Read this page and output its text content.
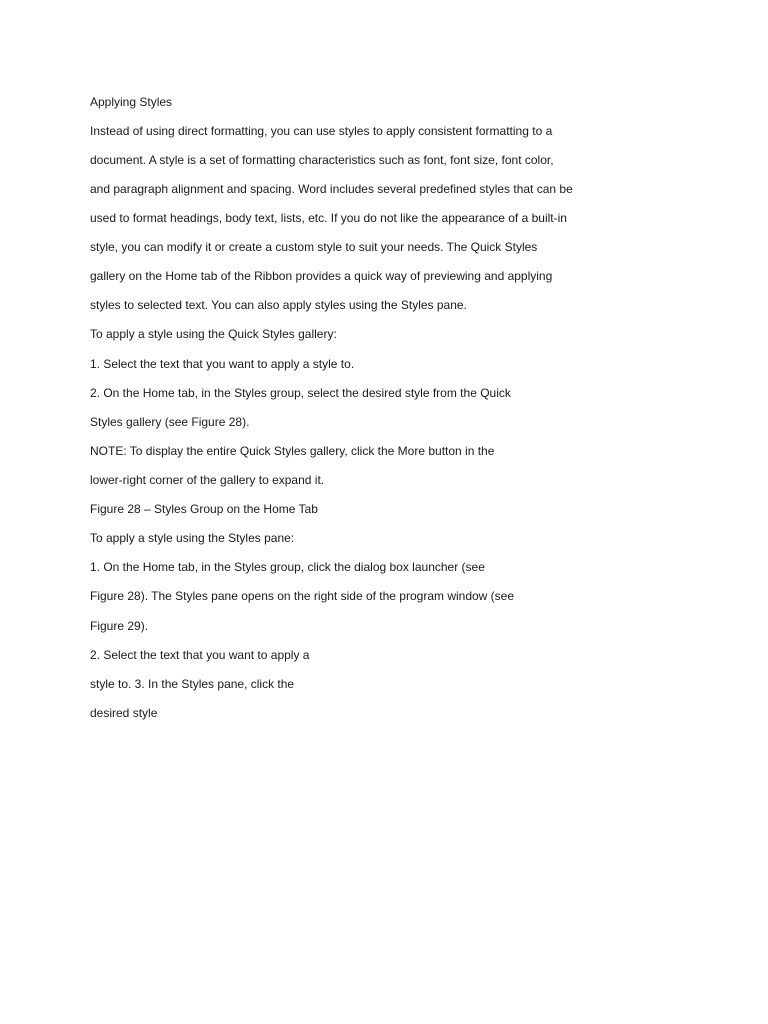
Applying Styles
Instead of using direct formatting, you can use styles to apply consistent formatting to a
document. A style is a set of formatting characteristics such as font, font size, font color,
and paragraph alignment and spacing. Word includes several predefined styles that can be
used to format headings, body text, lists, etc. If you do not like the appearance of a built-in
style, you can modify it or create a custom style to suit your needs. The Quick Styles
gallery on the Home tab of the Ribbon provides a quick way of previewing and applying
styles to selected text. You can also apply styles using the Styles pane.
To apply a style using the Quick Styles gallery:
1. Select the text that you want to apply a style to.
2. On the Home tab, in the Styles group, select the desired style from the Quick
Styles gallery (see Figure 28).
NOTE: To display the entire Quick Styles gallery, click the More button in the
lower-right corner of the gallery to expand it.
Figure 28 – Styles Group on the Home Tab
To apply a style using the Styles pane:
1. On the Home tab, in the Styles group, click the dialog box launcher (see
Figure 28). The Styles pane opens on the right side of the program window (see
Figure 29).
2. Select the text that you want to apply a
style to. 3. In the Styles pane, click the
desired style
